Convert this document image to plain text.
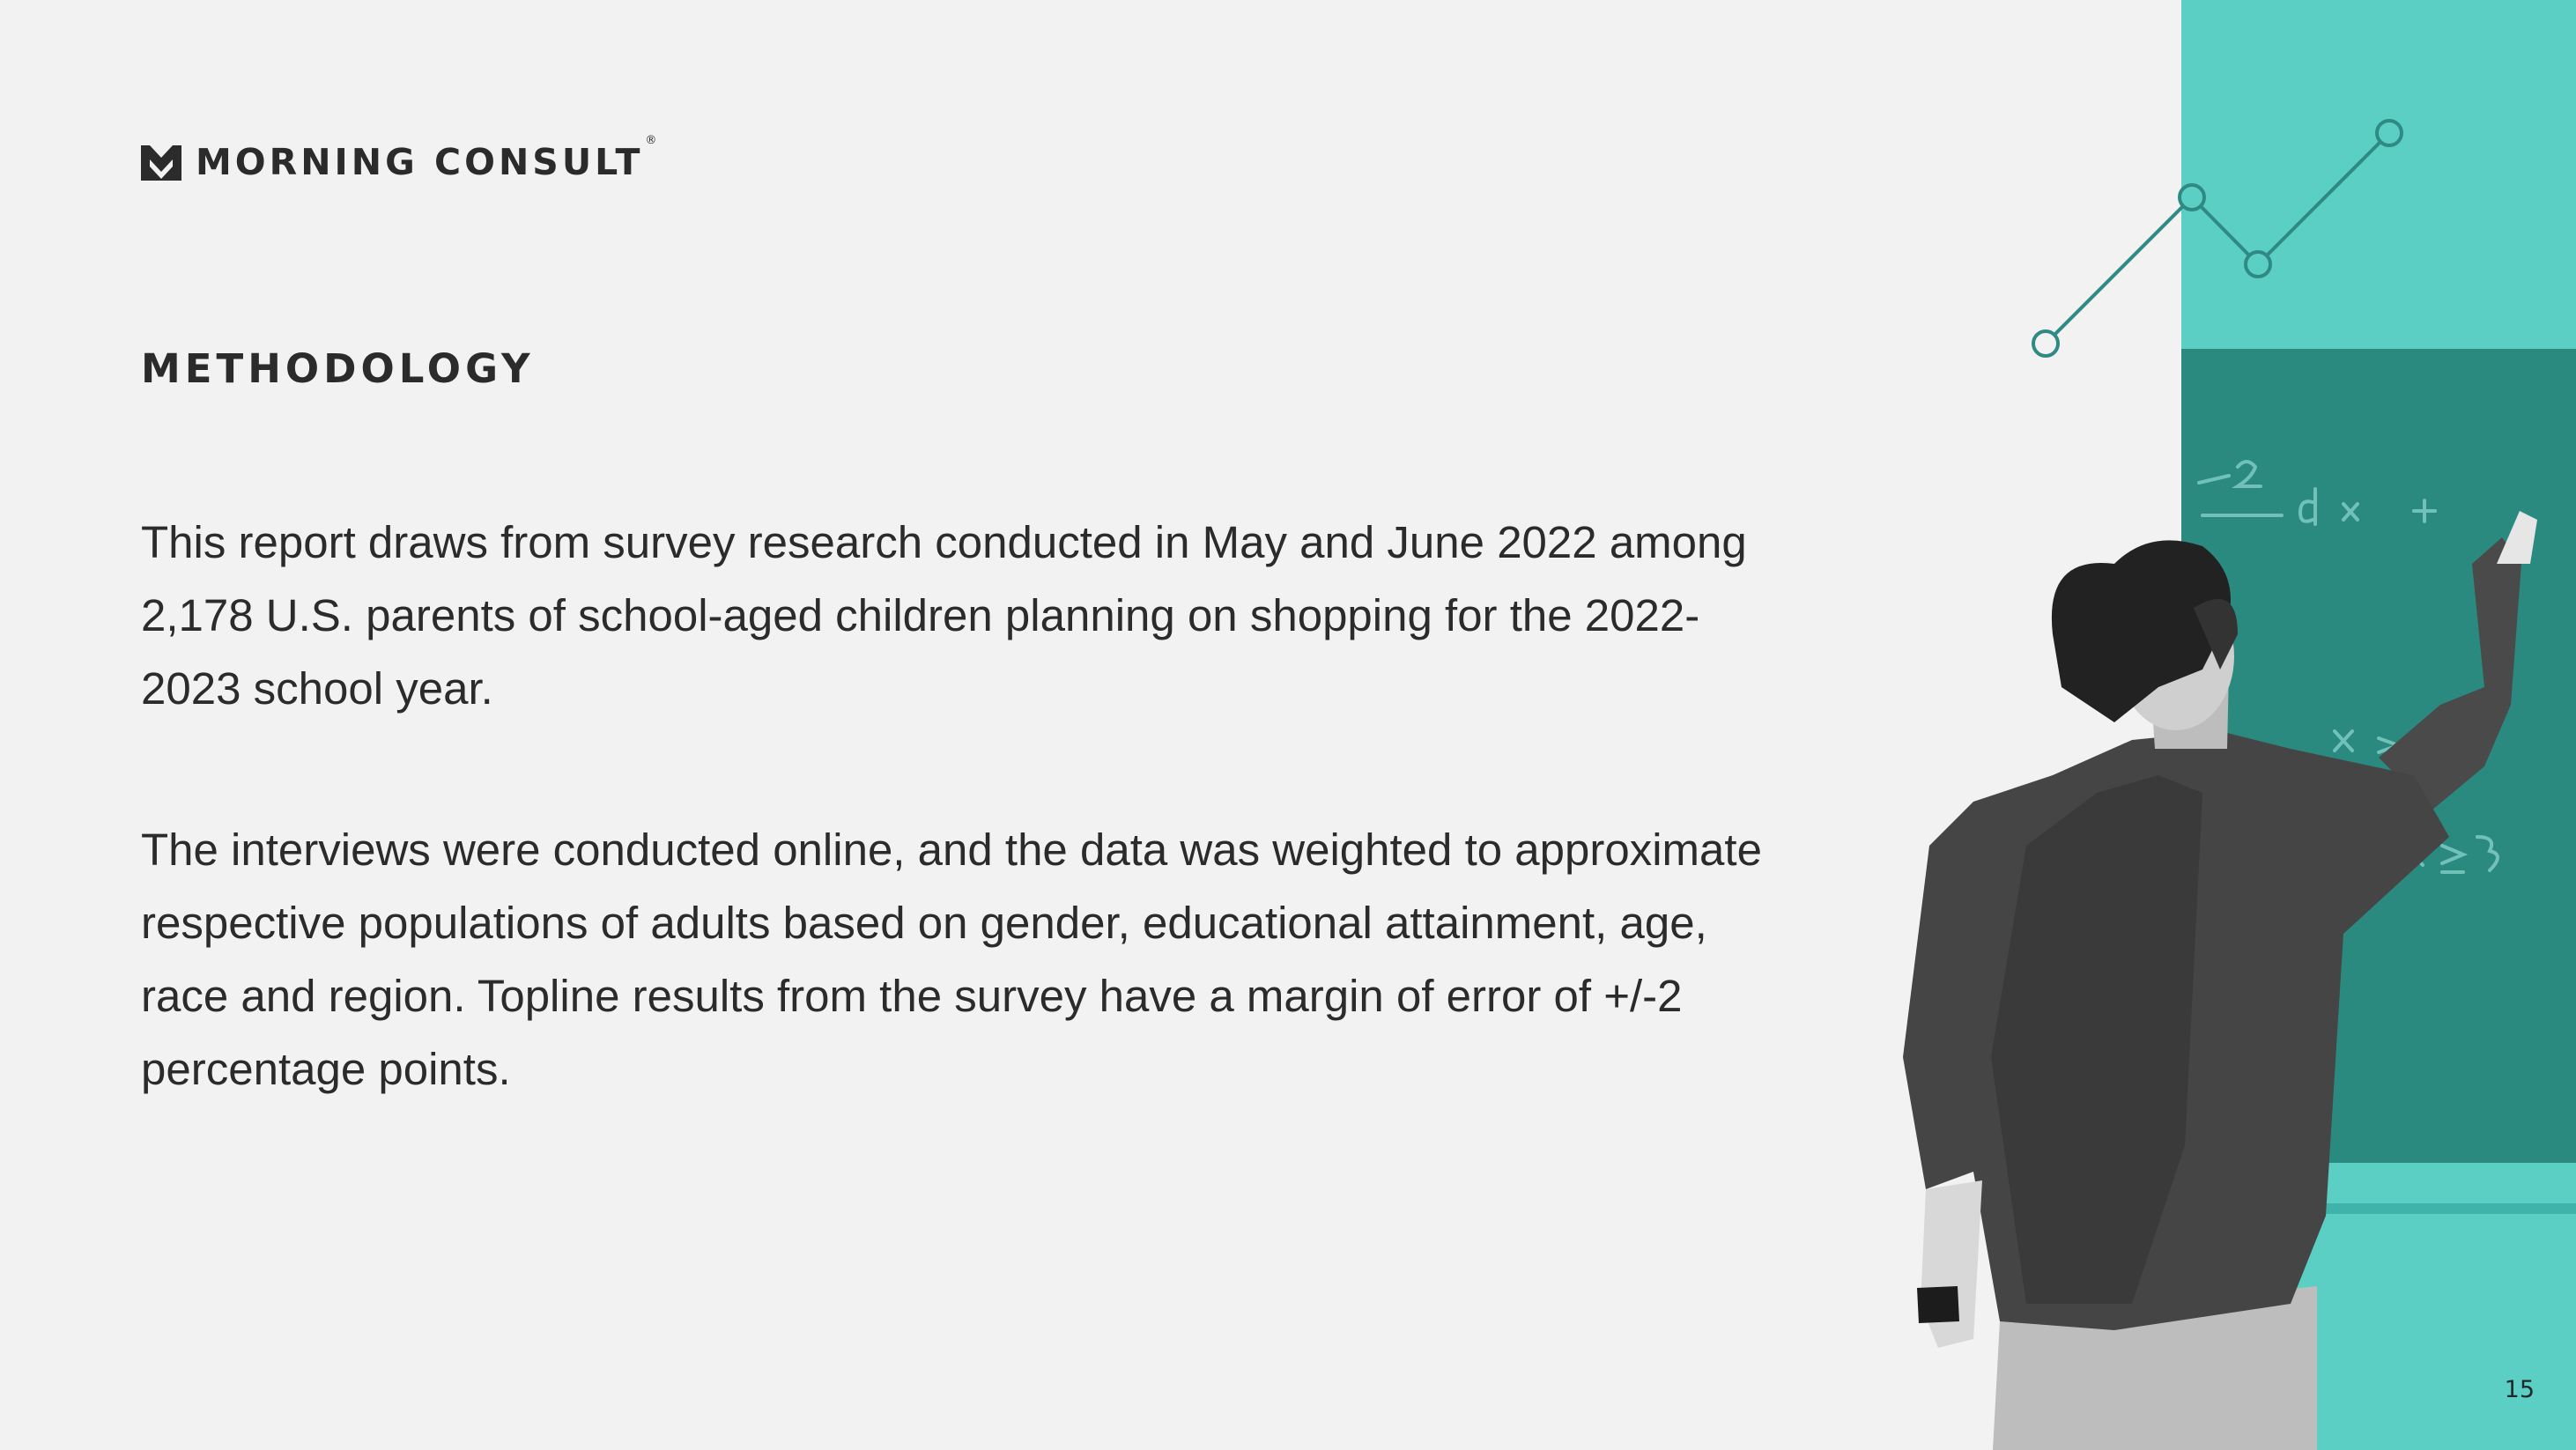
MORNING CONSULT®
METHODOLOGY

This report draws from survey research conducted in May and June 2022 among 2,178 U.S. parents of school-aged children planning on shopping for the 2022-2023 school year.

The interviews were conducted online, and the data was weighted to approximate respective populations of adults based on gender, educational attainment, age, race and region. Topline results from the survey have a margin of error of +/-2 percentage points.

15
